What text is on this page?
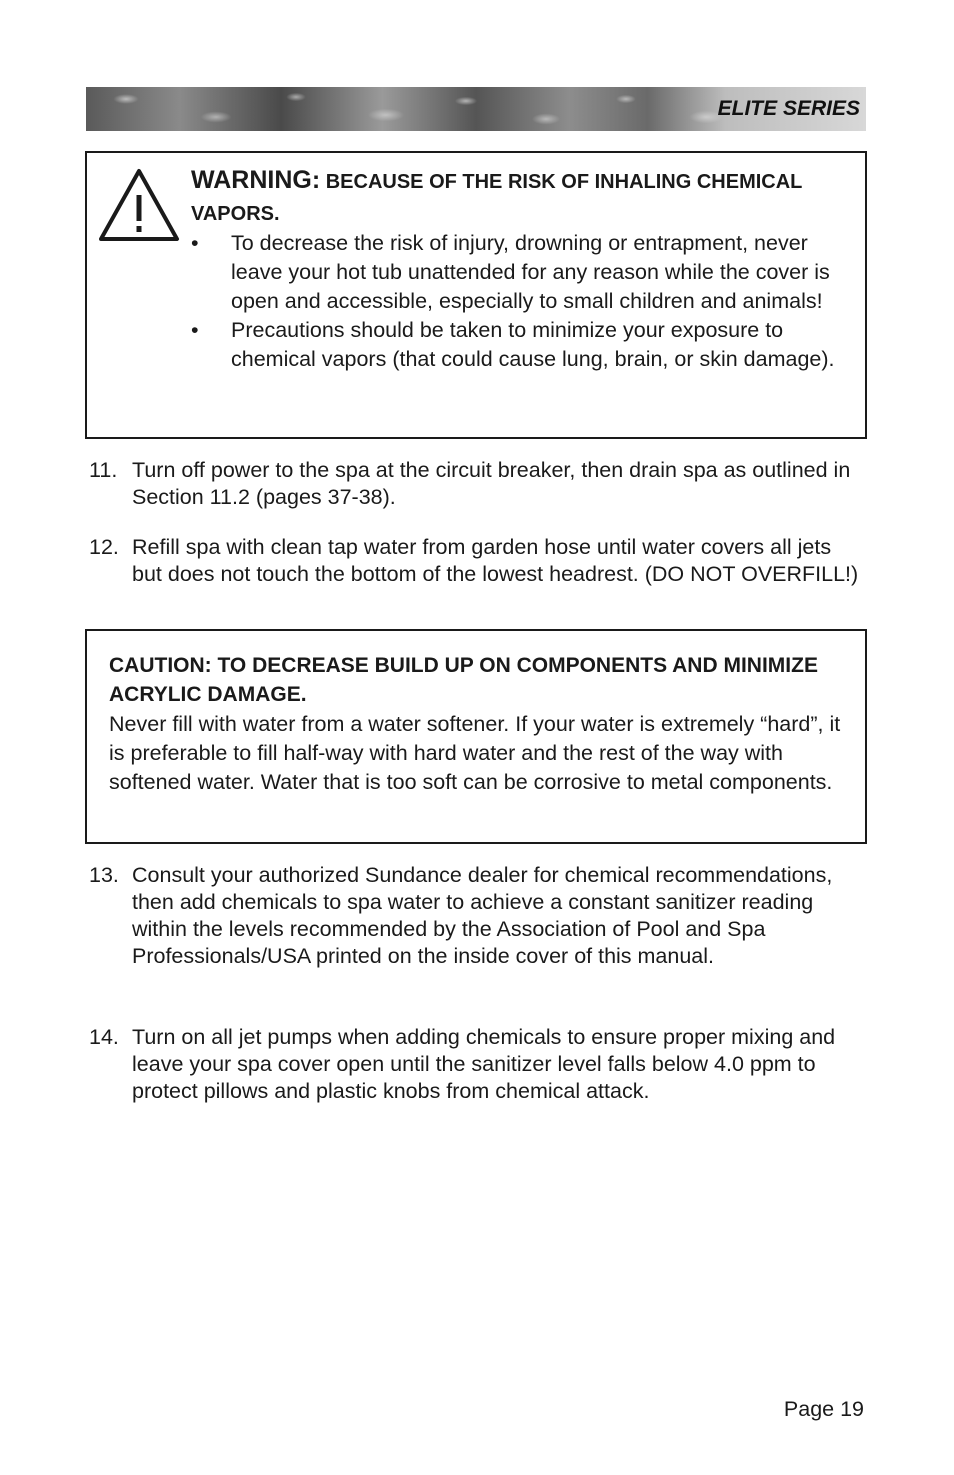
ELITE SERIES
WARNING: BECAUSE OF THE RISK OF INHALING CHEMICAL VAPORS.
• To decrease the risk of injury, drowning or entrapment, never leave your hot tub unattended for any reason while the cover is open and accessible, especially to small children and animals!
• Precautions should be taken to minimize your exposure to chemical vapors (that could cause lung, brain, or skin damage).
11. Turn off power to the spa at the circuit breaker, then drain spa as outlined in Section 11.2 (pages 37-38).
12. Refill spa with clean tap water from garden hose until water covers all jets but does not touch the bottom of the lowest headrest. (DO NOT OVERFILL!)
CAUTION: TO DECREASE BUILD UP ON COMPONENTS AND MINIMIZE ACRYLIC DAMAGE.
Never fill with water from a water softener. If your water is extremely “hard”, it is preferable to fill half-way with hard water and the rest of the way with softened water. Water that is too soft can be corrosive to metal components.
13. Consult your authorized Sundance dealer for chemical recommendations, then add chemicals to spa water to achieve a constant sanitizer reading within the levels recommended by the Association of Pool and Spa Professionals/USA printed on the inside cover of this manual.
14. Turn on all jet pumps when adding chemicals to ensure proper mixing and leave your spa cover open until the sanitizer level falls below 4.0 ppm to protect pillows and plastic knobs from chemical attack.
Page 19
